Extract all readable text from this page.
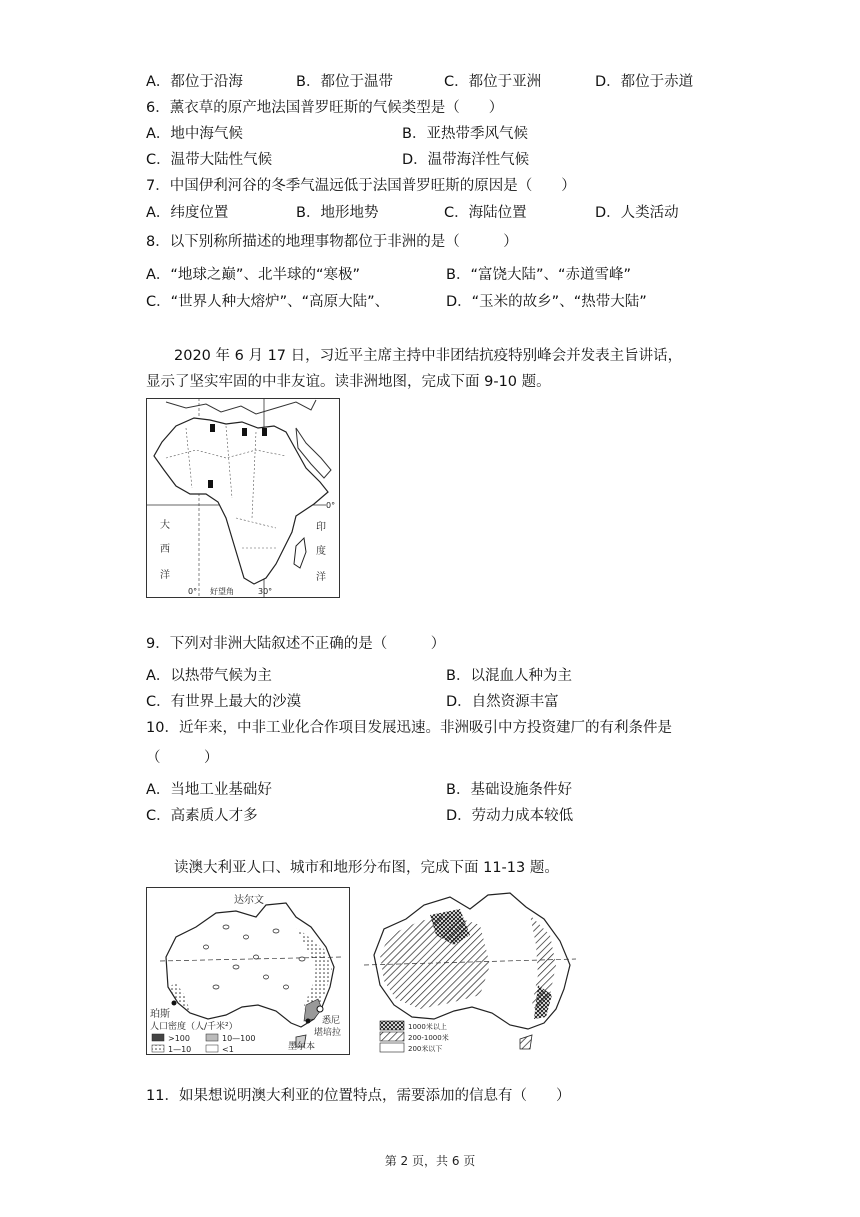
A．都位于沿海	B．都位于温带	C．都位于亚洲	D．都位于赤道
6．薰衣草的原产地法国普罗旺斯的气候类型是（　　）
A．地中海气候	B．亚热带季风气候
C．温带大陆性气候	D．温带海洋性气候
7．中国伊利河谷的冬季气温远低于法国普罗旺斯的原因是（　　）
A．纬度位置	B．地形地势	C．海陆位置	D．人类活动
8．以下别称所描述的地理事物都位于非洲的是（　　　）
A．“地球之巅”、北半球的“寒极”	B．“富饶大陆”、“赤道雪峰”
C．“世界人种大熔炉”、“高原大陆”、	D．“玉米的故乡”、“热带大陆”
2020 年 6 月 17 日，习近平主席主持中非团结抗疫特别峰会并发表主旨讲话，
显示了坚实牢固的中非友谊。读非洲地图，完成下面 9-10 题。
大
西
洋
印
度
洋
0°
0° 好望角	30°
9．下列对非洲大陆叙述不正确的是（　　　）
A．以热带气候为主	B．以混血人种为主
C．有世界上最大的沙漠	D．自然资源丰富
10．近年来，中非工业化合作项目发展迅速。非洲吸引中方投资建厂的有利条件是
（　　　）
A．当地工业基础好	B．基础设施条件好
C．高素质人才多	D．劳动力成本较低
读澳大利亚人口、城市和地形分布图，完成下面 11-13 题。
达尔文
珀斯
悉尼
堪培拉
墨尔本
人口密度（人/千米²）
>100	10—100
1—10	<1
1000米以上
200-1000米
200米以下
11．如果想说明澳大利亚的位置特点，需要添加的信息有（　　）
第 2 页，共 6 页
